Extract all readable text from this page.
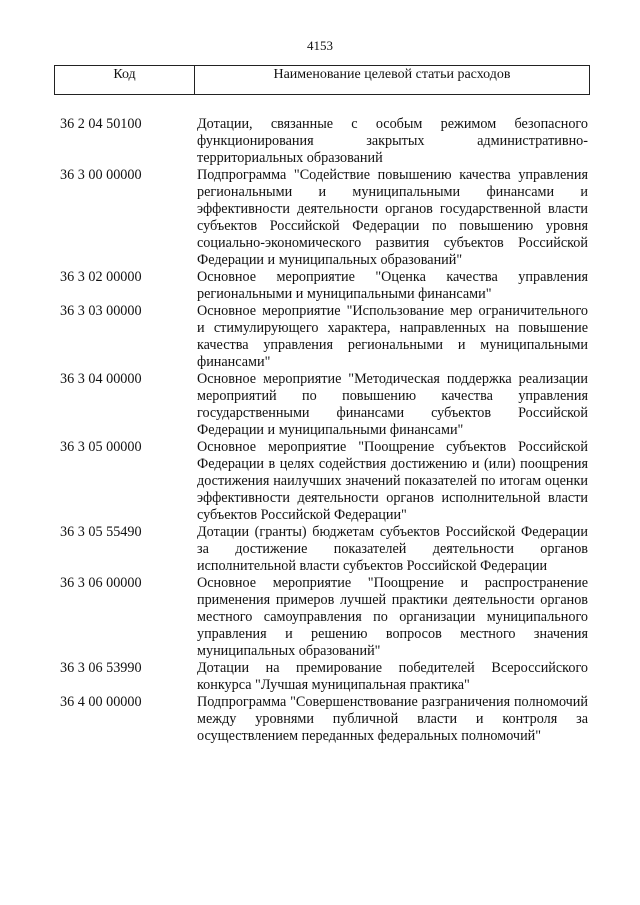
4153
Код	Наименование целевой статьи расходов
36 2 04 50100	Дотации, связанные с особым режимом безопасного функционирования закрытых административно-территориальных образований
36 3 00 00000	Подпрограмма "Содействие повышению качества управления региональными и муниципальными финансами и эффективности деятельности органов государственной власти субъектов Российской Федерации по повышению уровня социально-экономического развития субъектов Российской Федерации и муниципальных образований"
36 3 02 00000	Основное мероприятие "Оценка качества управления региональными и муниципальными финансами"
36 3 03 00000	Основное мероприятие "Использование мер ограничительного и стимулирующего характера, направленных на повышение качества управления региональными и муниципальными финансами"
36 3 04 00000	Основное мероприятие "Методическая поддержка реализации мероприятий по повышению качества управления государственными финансами субъектов Российской Федерации и муниципальными финансами"
36 3 05 00000	Основное мероприятие "Поощрение субъектов Российской Федерации в целях содействия достижению и (или) поощрения достижения наилучших значений показателей по итогам оценки эффективности деятельности органов исполнительной власти субъектов Российской Федерации"
36 3 05 55490	Дотации (гранты) бюджетам субъектов Российской Федерации за достижение показателей деятельности органов исполнительной власти субъектов Российской Федерации
36 3 06 00000	Основное мероприятие "Поощрение и распространение применения примеров лучшей практики деятельности органов местного самоуправления по организации муниципального управления и решению вопросов местного значения муниципальных образований"
36 3 06 53990	Дотации на премирование победителей Всероссийского конкурса "Лучшая муниципальная практика"
36 4 00 00000	Подпрограмма "Совершенствование разграничения полномочий между уровнями публичной власти и контроля за осуществлением переданных федеральных полномочий"
